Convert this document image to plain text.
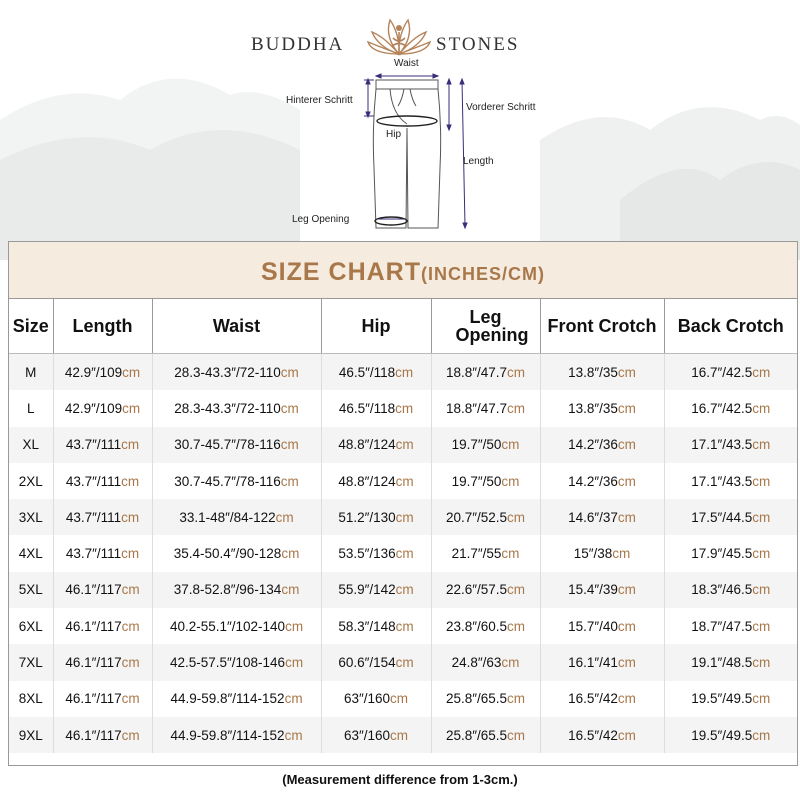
BUDDHA	STONES
Waist
Hinterer Schritt
Vorderer Schritt
Hip
Length
Leg Opening
SIZE CHART(INCHES/CM)
Size	Length	Waist	Hip	Leg Opening	Front Crotch	Back Crotch
M	42.9″/109cm	28.3-43.3″/72-110cm	46.5″/118cm	18.8″/47.7cm	13.8″/35cm	16.7″/42.5cm
L	42.9″/109cm	28.3-43.3″/72-110cm	46.5″/118cm	18.8″/47.7cm	13.8″/35cm	16.7″/42.5cm
XL	43.7″/111cm	30.7-45.7″/78-116cm	48.8″/124cm	19.7″/50cm	14.2″/36cm	17.1″/43.5cm
2XL	43.7″/111cm	30.7-45.7″/78-116cm	48.8″/124cm	19.7″/50cm	14.2″/36cm	17.1″/43.5cm
3XL	43.7″/111cm	33.1-48″/84-122cm	51.2″/130cm	20.7″/52.5cm	14.6″/37cm	17.5″/44.5cm
4XL	43.7″/111cm	35.4-50.4″/90-128cm	53.5″/136cm	21.7″/55cm	15″/38cm	17.9″/45.5cm
5XL	46.1″/117cm	37.8-52.8″/96-134cm	55.9″/142cm	22.6″/57.5cm	15.4″/39cm	18.3″/46.5cm
6XL	46.1″/117cm	40.2-55.1″/102-140cm	58.3″/148cm	23.8″/60.5cm	15.7″/40cm	18.7″/47.5cm
7XL	46.1″/117cm	42.5-57.5″/108-146cm	60.6″/154cm	24.8″/63cm	16.1″/41cm	19.1″/48.5cm
8XL	46.1″/117cm	44.9-59.8″/114-152cm	63″/160cm	25.8″/65.5cm	16.5″/42cm	19.5″/49.5cm
9XL	46.1″/117cm	44.9-59.8″/114-152cm	63″/160cm	25.8″/65.5cm	16.5″/42cm	19.5″/49.5cm
(Measurement difference from 1-3cm.)
